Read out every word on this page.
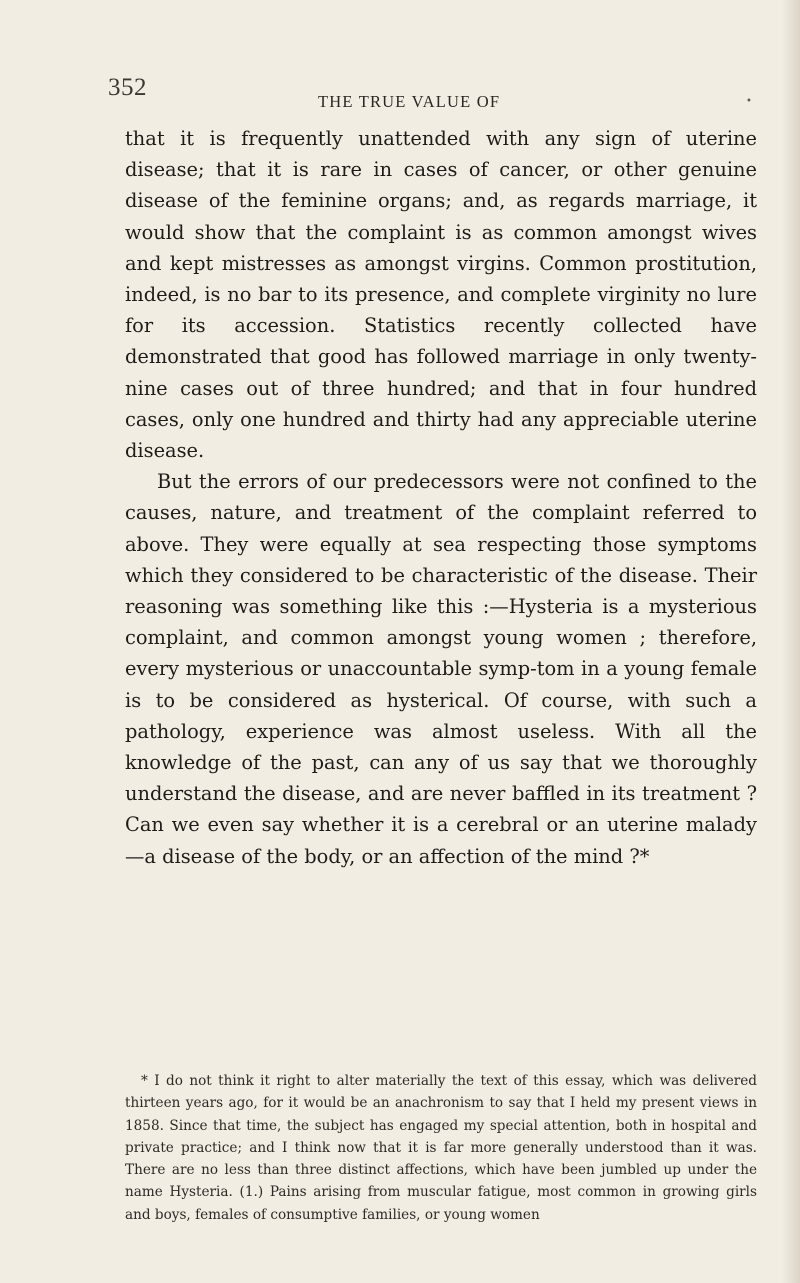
352
THE TRUE VALUE OF	•

that it is frequently unattended with any sign of uterine disease; that it is rare in cases of cancer, or other genuine disease of the feminine organs; and, as regards marriage, it would show that the complaint is as common amongst wives and kept mistresses as amongst virgins. Common prostitution, indeed, is no bar to its presence, and complete virginity no lure for its accession. Statistics recently collected have demonstrated that good has followed marriage in only twenty-nine cases out of three hundred; and that in four hundred cases, only one hundred and thirty had any appreciable uterine disease.

But the errors of our predecessors were not confined to the causes, nature, and treatment of the complaint referred to above. They were equally at sea respecting those symptoms which they considered to be characteristic of the disease. Their reasoning was something like this :—Hysteria is a mysterious complaint, and common amongst young women ; therefore, every mysterious or unaccountable symp-tom in a young female is to be considered as hysterical. Of course, with such a pathology, experience was almost useless. With all the knowledge of the past, can any of us say that we thoroughly understand the disease, and are never baffled in its treatment ? Can we even say whether it is a cerebral or an uterine malady—a disease of the body, or an affection of the mind ?*

* I do not think it right to alter materially the text of this essay, which was delivered thirteen years ago, for it would be an anachronism to say that I held my present views in 1858. Since that time, the subject has engaged my special attention, both in hospital and private practice; and I think now that it is far more generally understood than it was. There are no less than three distinct affections, which have been jumbled up under the name Hysteria. (1.) Pains arising from muscular fatigue, most common in growing girls and boys, females of consumptive families, or young women
